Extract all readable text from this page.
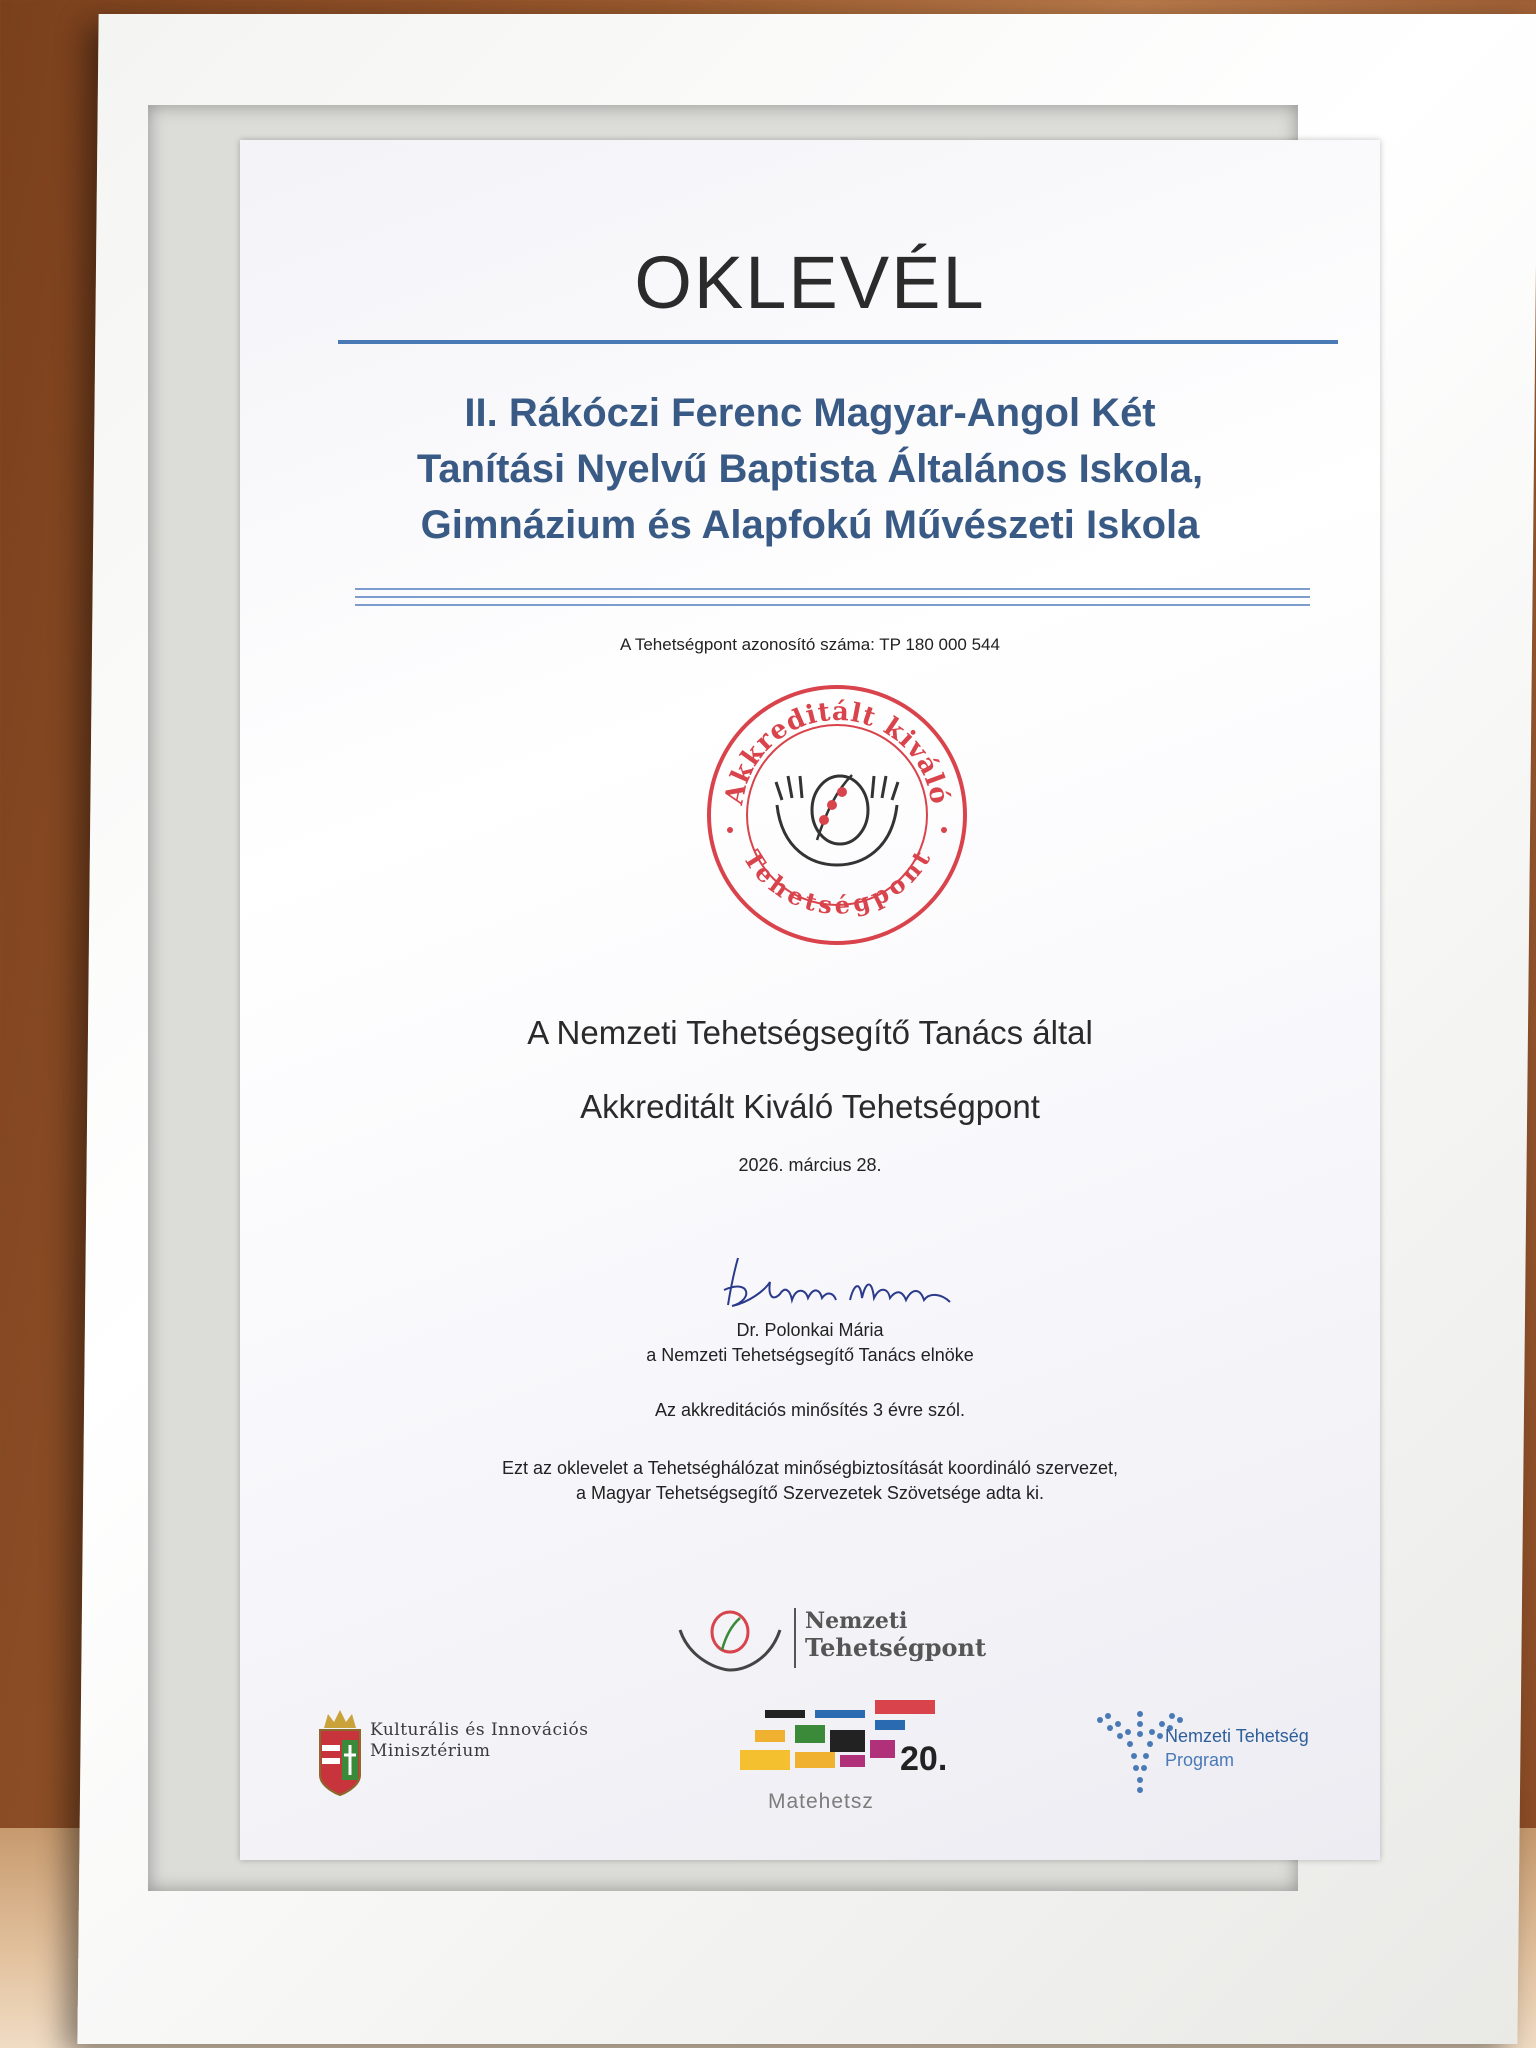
OKLEVÉL
II. Rákóczi Ferenc Magyar-Angol Két
Tanítási Nyelvű Baptista Általános Iskola,
Gimnázium és Alapfokú Művészeti Iskola
A Tehetségpont azonosító száma: TP 180 000 544
Akkreditált kiváló
Tehetségpont
A Nemzeti Tehetségsegítő Tanács által
Akkreditált Kiváló Tehetségpont
2026. március 28.
Dr. Polonkai Mária
a Nemzeti Tehetségsegítő Tanács elnöke
Az akkreditációs minősítés 3 évre szól.
Ezt az oklevelet a Tehetséghálózat minőségbiztosítását koordináló szervezet,
a Magyar Tehetségsegítő Szervezetek Szövetsége adta ki.
Nemzeti
Tehetségpont
Kulturális és Innovációs
Minisztérium	20.
Matehetsz
Nemzeti Tehetség
Program
